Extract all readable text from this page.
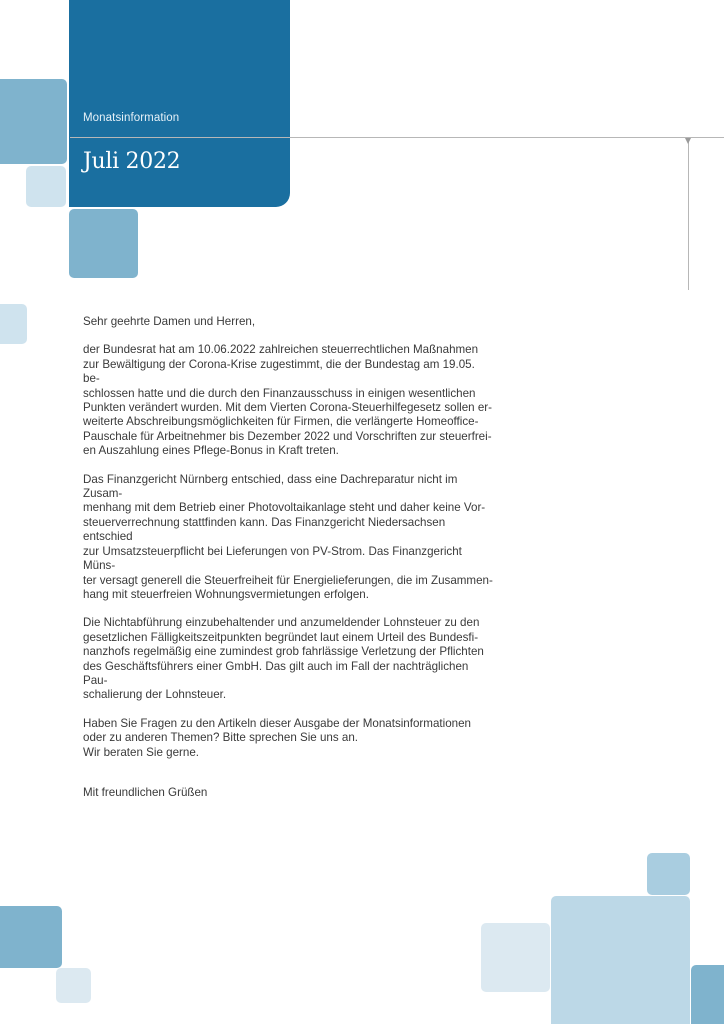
Monatsinformation
Juli 2022

Sehr geehrte Damen und Herren,

der Bundesrat hat am 10.06.2022 zahlreichen steuerrechtlichen Maßnahmen
zur Bewältigung der Corona-Krise zugestimmt, die der Bundestag am 19.05. be-
schlossen hatte und die durch den Finanzausschuss in einigen wesentlichen
Punkten verändert wurden. Mit dem Vierten Corona-Steuerhilfegesetz sollen er-
weiterte Abschreibungsmöglichkeiten für Firmen, die verlängerte Homeoffice-
Pauschale für Arbeitnehmer bis Dezember 2022 und Vorschriften zur steuerfrei-
en Auszahlung eines Pflege-Bonus in Kraft treten.

Das Finanzgericht Nürnberg entschied, dass eine Dachreparatur nicht im Zusam-
menhang mit dem Betrieb einer Photovoltaikanlage steht und daher keine Vor-
steuerverrechnung stattfinden kann. Das Finanzgericht Niedersachsen entschied
zur Umsatzsteuerpflicht bei Lieferungen von PV-Strom. Das Finanzgericht Müns-
ter versagt generell die Steuerfreiheit für Energielieferungen, die im Zusammen-
hang mit steuerfreien Wohnungsvermietungen erfolgen.

Die Nichtabführung einzubehaltender und anzumeldender Lohnsteuer zu den
gesetzlichen Fälligkeitszeitpunkten begründet laut einem Urteil des Bundesfi-
nanzhofs regelmäßig eine zumindest grob fahrlässige Verletzung der Pflichten
des Geschäftsführers einer GmbH. Das gilt auch im Fall der nachträglichen Pau-
schalierung der Lohnsteuer.

Haben Sie Fragen zu den Artikeln dieser Ausgabe der Monatsinformationen
oder zu anderen Themen? Bitte sprechen Sie uns an.
Wir beraten Sie gerne.

Mit freundlichen Grüßen
